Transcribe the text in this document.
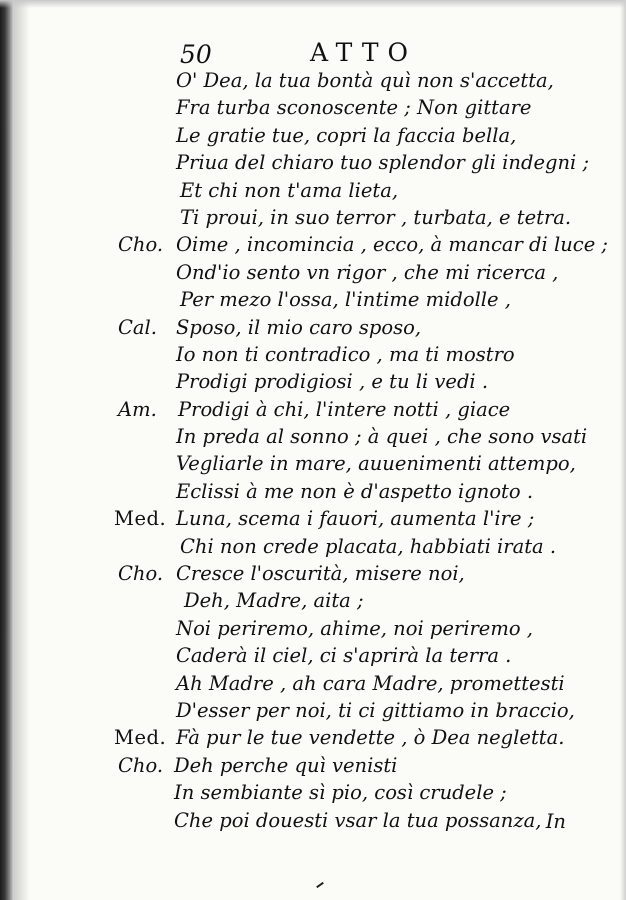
50	ATTO
O' Dea, la tua bontà quì non s'accetta,
Fra turba sconoscente ; Non gittare
Le gratie tue, copri la faccia bella,
Priua del chiaro tuo splendor gli indegni ;
Et chi non t'ama lieta,
Ti proui, in suo terror , turbata, e tetra.
Cho. Oime , incomincia , ecco, à mancar di luce ;
Ond'io sento vn rigor , che mi ricerca ,
Per mezo l'ossa, l'intime midolle ,
Cal. Sposo, il mio caro sposo,
Io non ti contradico , ma ti mostro
Prodigi prodigiosi , e tu li vedi .
Am. Prodigi à chi, l'intere notti , giace
In preda al sonno ; à quei , che sono vsati
Vegliarle in mare, auuenimenti attempo,
Eclissi à me non è d'aspetto ignoto .
Med. Luna, scema i fauori, aumenta l'ire ;
Chi non crede placata, habbiati irata .
Cho. Cresce l'oscurità, misere noi,
Deh, Madre, aita ;
Noi periremo, ahime, noi periremo ,
Caderà il ciel, ci s'aprirà la terra .
Ah Madre , ah cara Madre, promettesti
D'esser per noi, ti ci gittiamo in braccio,
Med. Fà pur le tue vendette , ò Dea negletta.
Cho. Deh perche quì venisti
In sembiante sì pio, così crudele ;
Che poi douesti vsar la tua possanza, In
